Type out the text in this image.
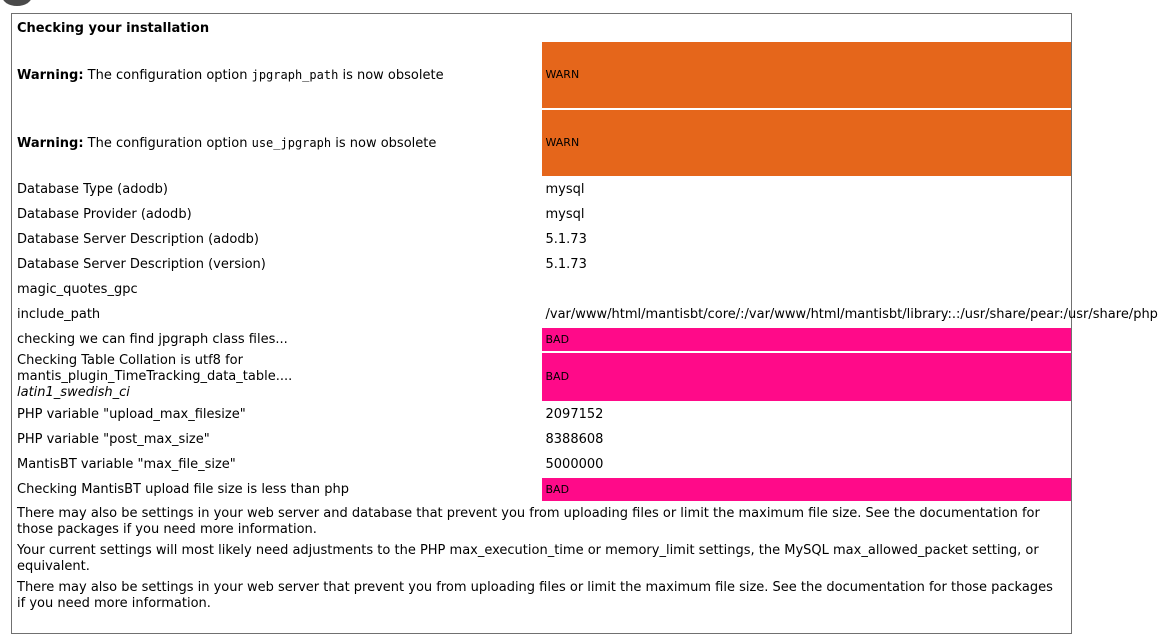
Checking your installation	
Warning: The configuration option jpgraph_path is now obsolete	WARN
Warning: The configuration option use_jpgraph is now obsolete	WARN
Database Type (adodb)	mysql
Database Provider (adodb)	mysql
Database Server Description (adodb)	5.1.73
Database Server Description (version)	5.1.73
magic_quotes_gpc	
include_path	/var/www/html/mantisbt/core/:/var/www/html/mantisbt/library:.:/usr/share/pear:/usr/share/php
checking we can find jpgraph class files...	BAD

Checking Table Collation is utf8 for
mantis_plugin_TimeTracking_data_table....
latin1_swedish_ci	BAD
PHP variable "upload_max_filesize"	2097152
PHP variable "post_max_size"	8388608
MantisBT variable "max_file_size"	5000000
Checking MantisBT upload file size is less than php	BAD
There may also be settings in your web server and database that prevent you from uploading files or limit the maximum file size. See the documentation for those packages if you need more information.
Your current settings will most likely need adjustments to the PHP max_execution_time or memory_limit settings, the MySQL max_allowed_packet setting, or equivalent.
There may also be settings in your web server that prevent you from uploading files or limit the maximum file size. See the documentation for those packages if you need more information.
